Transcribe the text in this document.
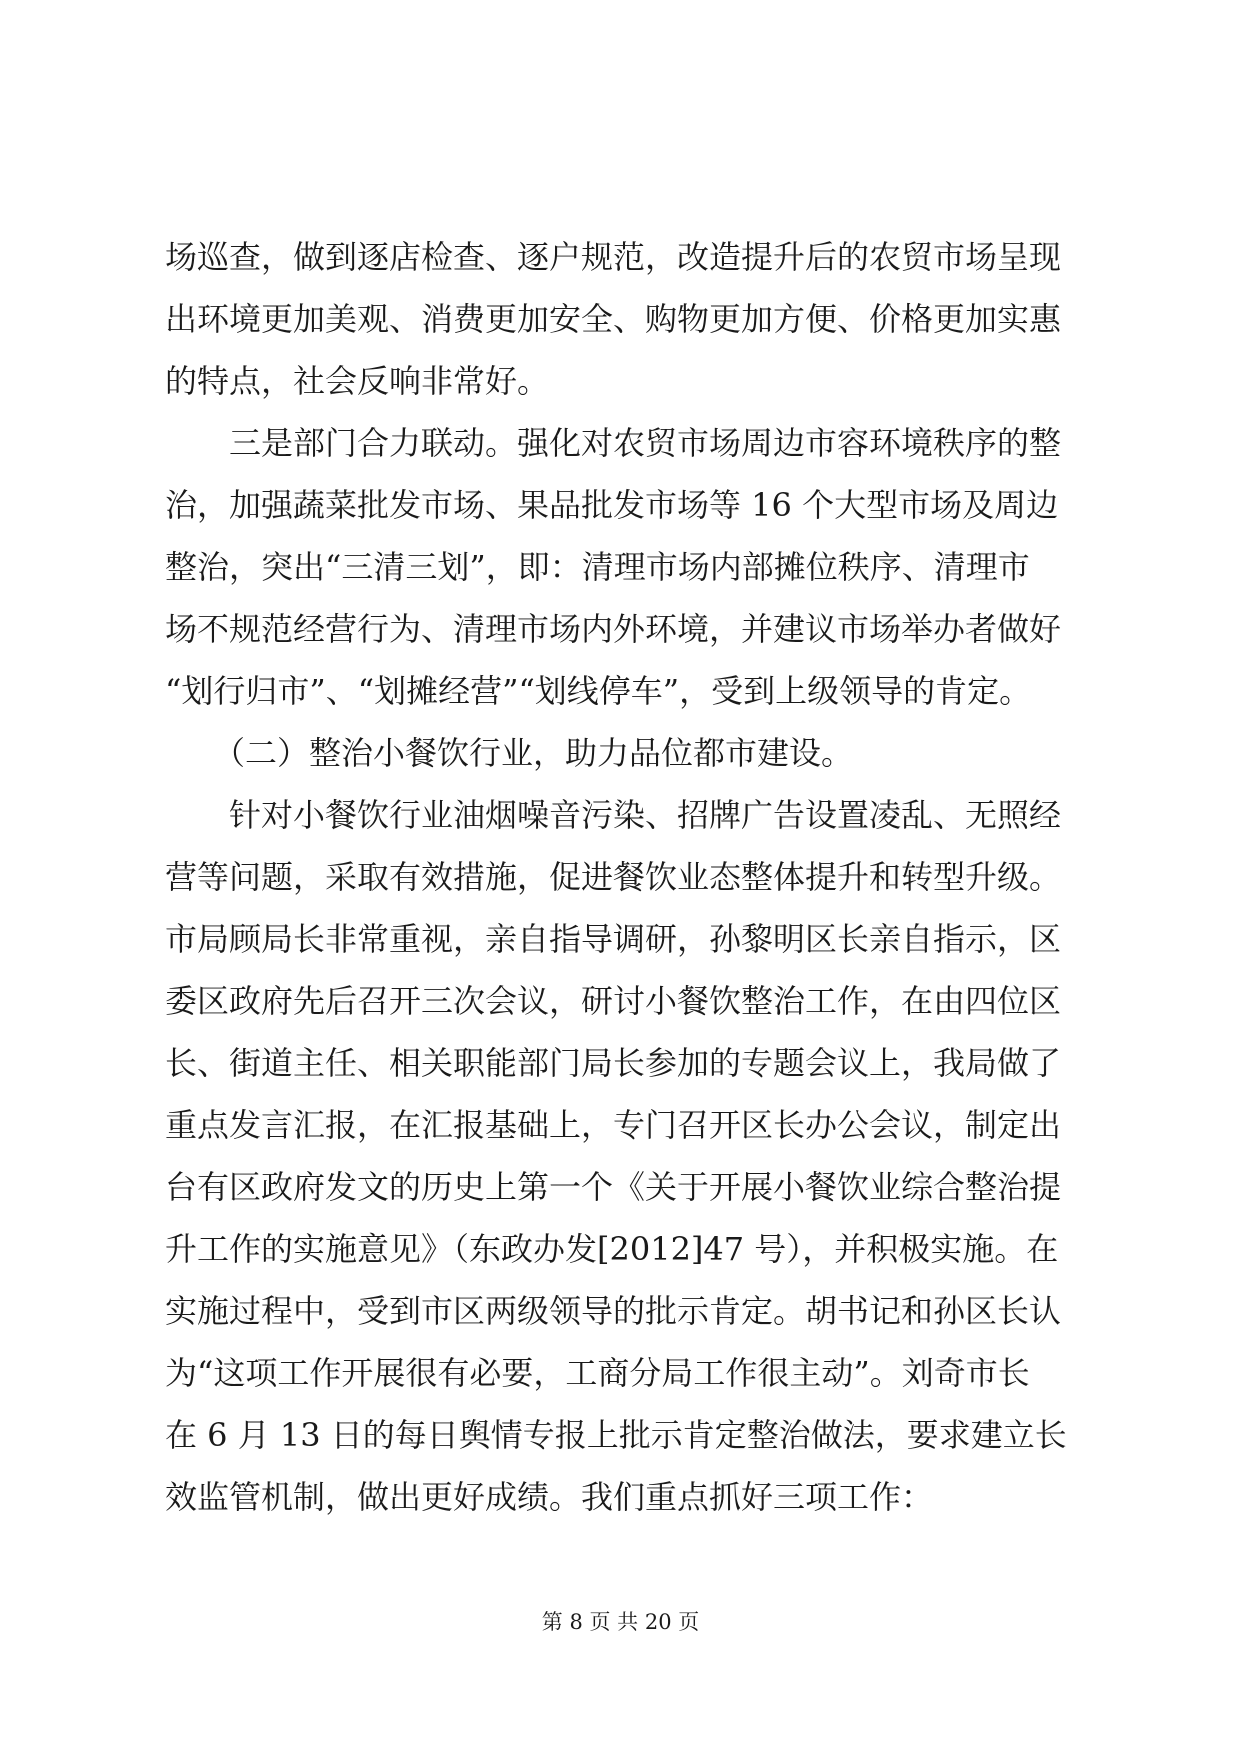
场巡查，做到逐店检查、逐户规范，改造提升后的农贸市场呈现
出环境更加美观、消费更加安全、购物更加方便、价格更加实惠
的特点，社会反响非常好。
　　三是部门合力联动。强化对农贸市场周边市容环境秩序的整
治，加强蔬菜批发市场、果品批发市场等 16 个大型市场及周边
整治，突出“三清三划”，即：清理市场内部摊位秩序、清理市
场不规范经营行为、清理市场内外环境，并建议市场举办者做好
“划行归市”、“划摊经营”“划线停车”，受到上级领导的肯定。
　　（二）整治小餐饮行业，助力品位都市建设。
　　针对小餐饮行业油烟噪音污染、招牌广告设置凌乱、无照经
营等问题，采取有效措施，促进餐饮业态整体提升和转型升级。
市局顾局长非常重视，亲自指导调研，孙黎明区长亲自指示，区
委区政府先后召开三次会议，研讨小餐饮整治工作，在由四位区
长、街道主任、相关职能部门局长参加的专题会议上，我局做了
重点发言汇报，在汇报基础上，专门召开区长办公会议，制定出
台有区政府发文的历史上第一个《关于开展小餐饮业综合整治提
升工作的实施意见》（东政办发[2012]47 号），并积极实施。在
实施过程中，受到市区两级领导的批示肯定。胡书记和孙区长认
为“这项工作开展很有必要，工商分局工作很主动”。刘奇市长
在 6 月 13 日的每日舆情专报上批示肯定整治做法，要求建立长
效监管机制，做出更好成绩。我们重点抓好三项工作：
第 8 页 共 20 页
